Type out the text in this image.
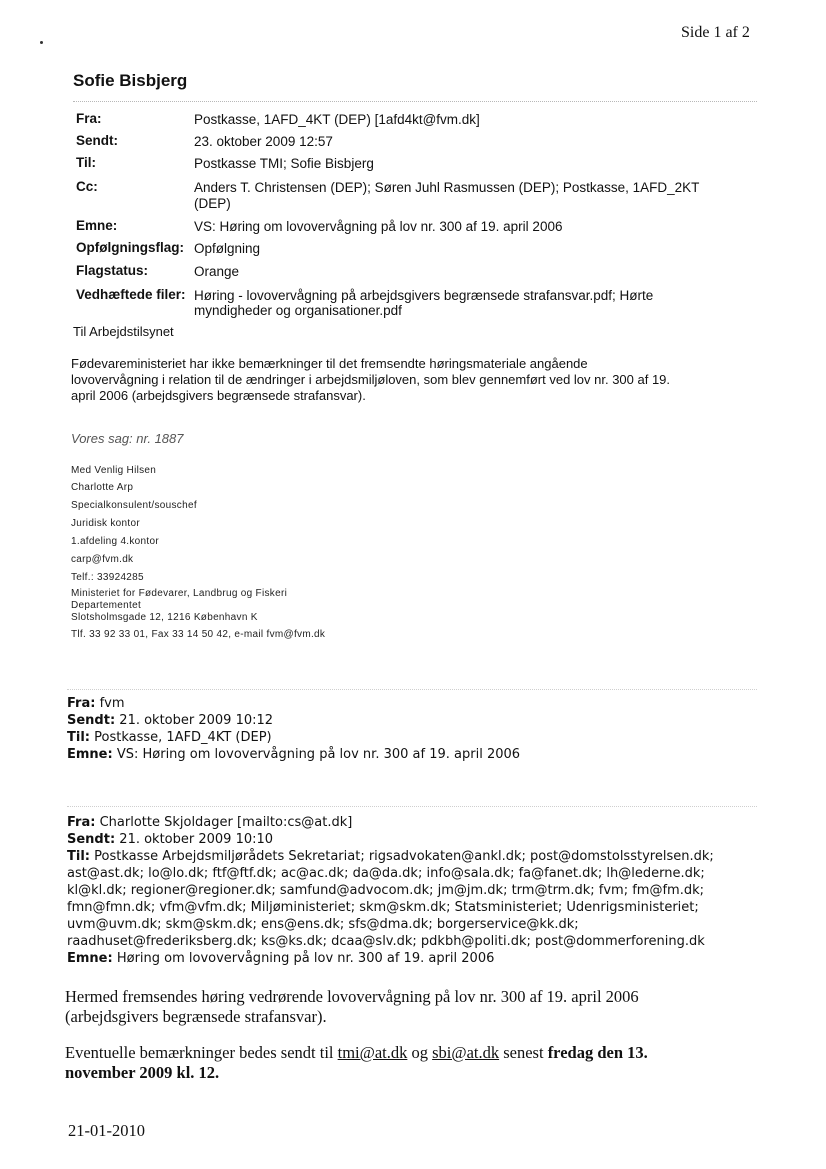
Side 1 af 2
Sofie Bisbjerg
Fra:	Postkasse, 1AFD_4KT (DEP) [1afd4kt@fvm.dk]
Sendt:	23. oktober 2009 12:57
Til:	Postkasse TMI; Sofie Bisbjerg
Cc:	Anders T. Christensen (DEP); Søren Juhl Rasmussen (DEP); Postkasse, 1AFD_2KT
(DEP)
Emne:	VS: Høring om lovovervågning på lov nr. 300 af 19. april 2006
Opfølgningsflag: Opfølgning
Flagstatus:	Orange
Vedhæftede filer: Høring - lovovervågning på arbejdsgivers begrænsede strafansvar.pdf; Hørte
myndigheder og organisationer.pdf
Til Arbejdstilsynet
Fødevareministeriet har ikke bemærkninger til det fremsendte høringsmateriale angående
lovovervågning i relation til de ændringer i arbejdsmiljøloven, som blev gennemført ved lov nr. 300 af 19.
april 2006 (arbejdsgivers begrænsede strafansvar).
Vores sag: nr. 1887
Med Venlig Hilsen
Charlotte Arp
Specialkonsulent/souschef
Juridisk kontor
1.afdeling 4.kontor
carp@fvm.dk
Telf.: 33924285
Ministeriet for Fødevarer, Landbrug og Fiskeri
Departementet
Slotsholmsgade 12, 1216 København K
Tlf. 33 92 33 01, Fax 33 14 50 42, e-mail fvm@fvm.dk
Fra: fvm
Sendt: 21. oktober 2009 10:12
Til: Postkasse, 1AFD_4KT (DEP)
Emne: VS: Høring om lovovervågning på lov nr. 300 af 19. april 2006
Fra: Charlotte Skjoldager [mailto:cs@at.dk]
Sendt: 21. oktober 2009 10:10
Til: Postkasse Arbejdsmiljørådets Sekretariat; rigsadvokaten@ankl.dk; post@domstolsstyrelsen.dk;
ast@ast.dk; lo@lo.dk; ftf@ftf.dk; ac@ac.dk; da@da.dk; info@sala.dk; fa@fanet.dk; lh@lederne.dk;
kl@kl.dk; regioner@regioner.dk; samfund@advocom.dk; jm@jm.dk; trm@trm.dk; fvm; fm@fm.dk;
fmn@fmn.dk; vfm@vfm.dk; Miljøministeriet; skm@skm.dk; Statsministeriet; Udenrigsministeriet;
uvm@uvm.dk; skm@skm.dk; ens@ens.dk; sfs@dma.dk; borgerservice@kk.dk;
raadhuset@frederiksberg.dk; ks@ks.dk; dcaa@slv.dk; pdkbh@politi.dk; post@dommerforening.dk
Emne: Høring om lovovervågning på lov nr. 300 af 19. april 2006
Hermed fremsendes høring vedrørende lovovervågning på lov nr. 300 af 19. april 2006
(arbejdsgivers begrænsede strafansvar).
Eventuelle bemærkninger bedes sendt til tmi@at.dk og sbi@at.dk senest fredag den 13.
november 2009 kl. 12.
21-01-2010
